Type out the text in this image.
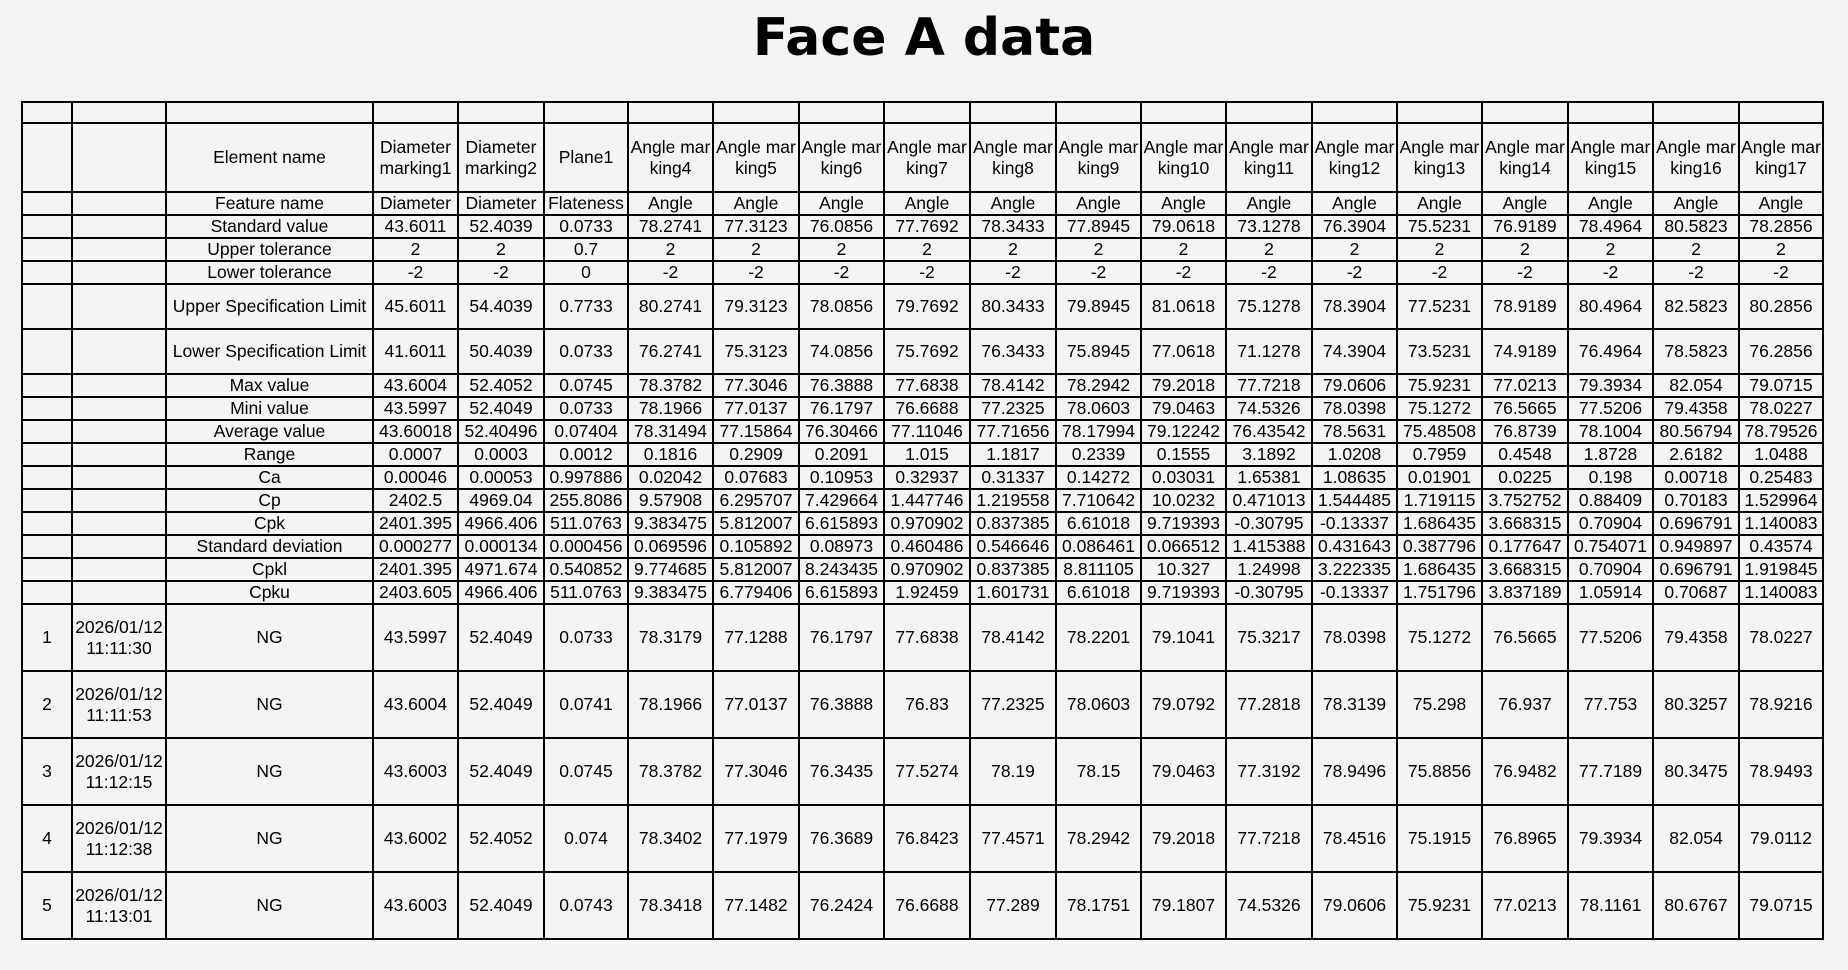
Face A data

		Element name	Diameter marking1	Diameter marking2	Plane1	Angle marking4	Angle marking5	Angle marking6	Angle marking7	Angle marking8	Angle marking9	Angle marking10	Angle marking11	Angle marking12	Angle marking13	Angle marking14	Angle marking15	Angle marking16	Angle marking17
		Feature name	Diameter	Diameter	Flateness	Angle	Angle	Angle	Angle	Angle	Angle	Angle	Angle	Angle	Angle	Angle	Angle	Angle	Angle
		Standard value	43.6011	52.4039	0.0733	78.2741	77.3123	76.0856	77.7692	78.3433	77.8945	79.0618	73.1278	76.3904	75.5231	76.9189	78.4964	80.5823	78.2856
		Upper tolerance	2	2	0.7	2	2	2	2	2	2	2	2	2	2	2	2	2	2
		Lower tolerance	-2	-2	0	-2	-2	-2	-2	-2	-2	-2	-2	-2	-2	-2	-2	-2	-2
		Upper Specification Limit	45.6011	54.4039	0.7733	80.2741	79.3123	78.0856	79.7692	80.3433	79.8945	81.0618	75.1278	78.3904	77.5231	78.9189	80.4964	82.5823	80.2856
		Lower Specification Limit	41.6011	50.4039	0.0733	76.2741	75.3123	74.0856	75.7692	76.3433	75.8945	77.0618	71.1278	74.3904	73.5231	74.9189	76.4964	78.5823	76.2856
		Max value	43.6004	52.4052	0.0745	78.3782	77.3046	76.3888	77.6838	78.4142	78.2942	79.2018	77.7218	79.0606	75.9231	77.0213	79.3934	82.054	79.0715
		Mini value	43.5997	52.4049	0.0733	78.1966	77.0137	76.1797	76.6688	77.2325	78.0603	79.0463	74.5326	78.0398	75.1272	76.5665	77.5206	79.4358	78.0227
		Average value	43.60018	52.40496	0.07404	78.31494	77.15864	76.30466	77.11046	77.71656	78.17994	79.12242	76.43542	78.5631	75.48508	76.8739	78.1004	80.56794	78.79526
		Range	0.0007	0.0003	0.0012	0.1816	0.2909	0.2091	1.015	1.1817	0.2339	0.1555	3.1892	1.0208	0.7959	0.4548	1.8728	2.6182	1.0488
		Ca	0.00046	0.00053	0.997886	0.02042	0.07683	0.10953	0.32937	0.31337	0.14272	0.03031	1.65381	1.08635	0.01901	0.0225	0.198	0.00718	0.25483
		Cp	2402.5	4969.04	255.8086	9.57908	6.295707	7.429664	1.447746	1.219558	7.710642	10.0232	0.471013	1.544485	1.719115	3.752752	0.88409	0.70183	1.529964
		Cpk	2401.395	4966.406	511.0763	9.383475	5.812007	6.615893	0.970902	0.837385	6.61018	9.719393	-0.30795	-0.13337	1.686435	3.668315	0.70904	0.696791	1.140083
		Standard deviation	0.000277	0.000134	0.000456	0.069596	0.105892	0.08973	0.460486	0.546646	0.086461	0.066512	1.415388	0.431643	0.387796	0.177647	0.754071	0.949897	0.43574
		Cpkl	2401.395	4971.674	0.540852	9.774685	5.812007	8.243435	0.970902	0.837385	8.811105	10.327	1.24998	3.222335	1.686435	3.668315	0.70904	0.696791	1.919845
		Cpku	2403.605	4966.406	511.0763	9.383475	6.779406	6.615893	1.92459	1.601731	6.61018	9.719393	-0.30795	-0.13337	1.751796	3.837189	1.05914	0.70687	1.140083
1	2026/01/12 11:11:30	NG	43.5997	52.4049	0.0733	78.3179	77.1288	76.1797	77.6838	78.4142	78.2201	79.1041	75.3217	78.0398	75.1272	76.5665	77.5206	79.4358	78.0227
2	2026/01/12 11:11:53	NG	43.6004	52.4049	0.0741	78.1966	77.0137	76.3888	76.83	77.2325	78.0603	79.0792	77.2818	78.3139	75.298	76.937	77.753	80.3257	78.9216
3	2026/01/12 11:12:15	NG	43.6003	52.4049	0.0745	78.3782	77.3046	76.3435	77.5274	78.19	78.15	79.0463	77.3192	78.9496	75.8856	76.9482	77.7189	80.3475	78.9493
4	2026/01/12 11:12:38	NG	43.6002	52.4052	0.074	78.3402	77.1979	76.3689	76.8423	77.4571	78.2942	79.2018	77.7218	78.4516	75.1915	76.8965	79.3934	82.054	79.0112
5	2026/01/12 11:13:01	NG	43.6003	52.4049	0.0743	78.3418	77.1482	76.2424	76.6688	77.289	78.1751	79.1807	74.5326	79.0606	75.9231	77.0213	78.1161	80.6767	79.0715
